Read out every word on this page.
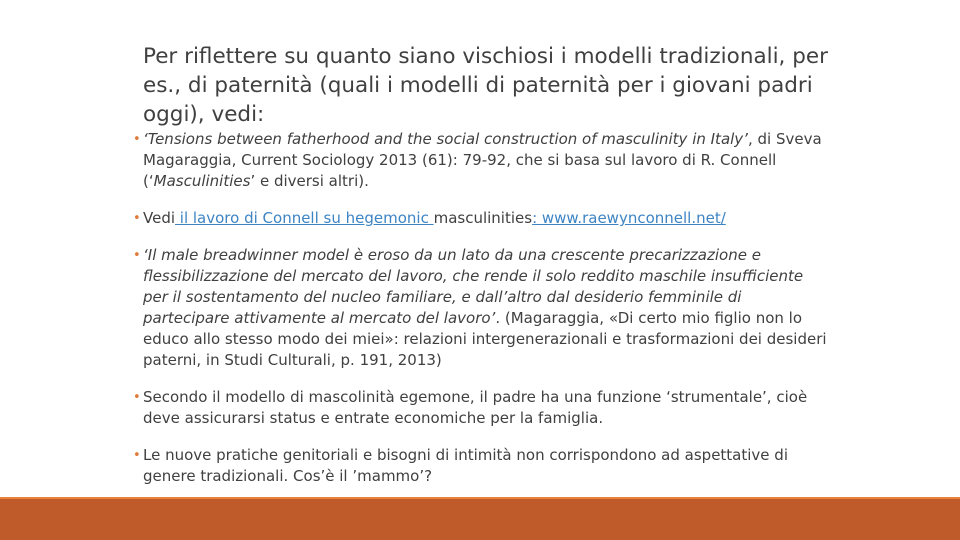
Per riflettere su quanto siano vischiosi i modelli tradizionali, per es., di paternità (quali i modelli di paternità per i giovani padri oggi), vedi:
• ‘Tensions between fatherhood and the social construction of masculinity in Italy’, di Sveva Magaraggia, Current Sociology 2013 (61): 79-92, che si basa sul lavoro di R. Connell (‘Masculinities’ e diversi altri).
• Vedi il lavoro di Connell su hegemonic masculinities: www.raewynconnell.net/
• ‘Il male breadwinner model è eroso da un lato da una crescente precarizzazione e flessibilizzazione del mercato del lavoro, che rende il solo reddito maschile insufficiente per il sostentamento del nucleo familiare, e dall’altro dal desiderio femminile di partecipare attivamente al mercato del lavoro’. (Magaraggia, «Di certo mio figlio non lo educo allo stesso modo dei miei»: relazioni intergenerazionali e trasformazioni dei desideri paterni, in Studi Culturali, p. 191, 2013)
• Secondo il modello di mascolinità egemone, il padre ha una funzione ‘strumentale’, cioè deve assicurarsi status e entrate economiche per la famiglia.
• Le nuove pratiche genitoriali e bisogni di intimità non corrispondono ad aspettative di genere tradizionali. Cos’è il ’mammo’?
